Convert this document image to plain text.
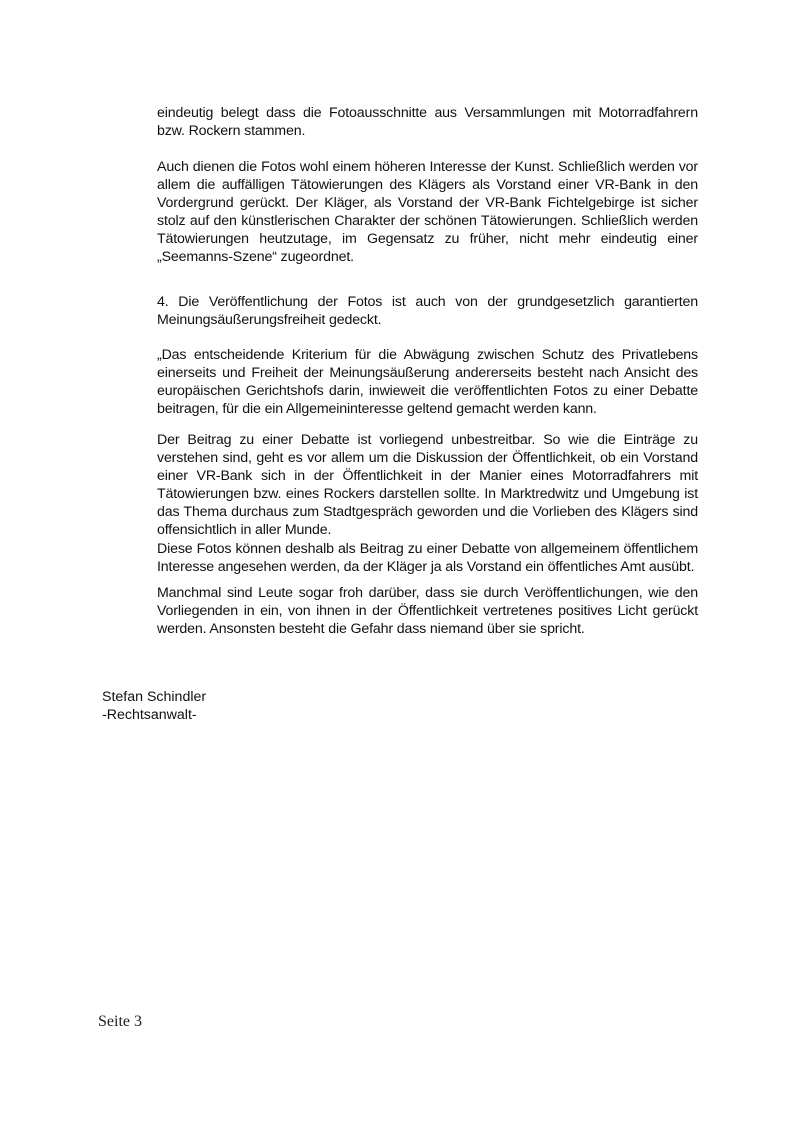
eindeutig belegt dass die Fotoausschnitte aus Versammlungen mit Motorradfahrern bzw. Rockern stammen.

Auch dienen die Fotos wohl einem höheren Interesse der Kunst. Schließlich werden vor allem die auffälligen Tätowierungen des Klägers als Vorstand einer VR-Bank in den Vordergrund gerückt. Der Kläger, als Vorstand der VR-Bank Fichtelgebirge ist sicher stolz auf den künstlerischen Charakter der schönen Tätowierungen. Schließlich werden Tätowierungen heutzutage, im Gegensatz zu früher, nicht mehr eindeutig einer „Seemanns-Szene“ zugeordnet.

4. Die Veröffentlichung der Fotos ist auch von der grundgesetzlich garantierten Meinungsäußerungsfreiheit gedeckt.

„Das entscheidende Kriterium für die Abwägung zwischen Schutz des Privatlebens einerseits und Freiheit der Meinungsäußerung andererseits besteht nach Ansicht des europäischen Gerichtshofs darin, inwieweit die veröffentlichten Fotos zu einer Debatte beitragen, für die ein Allgemeininteresse geltend gemacht werden kann.

Der Beitrag zu einer Debatte ist vorliegend unbestreitbar. So wie die Einträge zu verstehen sind, geht es vor allem um die Diskussion der Öffentlichkeit, ob ein Vorstand einer VR-Bank sich in der Öffentlichkeit in der Manier eines Motorradfahrers mit Tätowierungen bzw. eines Rockers darstellen sollte. In Marktredwitz und Umgebung ist das Thema durchaus zum Stadtgespräch geworden und die Vorlieben des Klägers sind offensichtlich in aller Munde.

Diese Fotos können deshalb als Beitrag zu einer Debatte von allgemeinem öffentlichem Interesse angesehen werden, da der Kläger ja als Vorstand ein öffentliches Amt ausübt.

Manchmal sind Leute sogar froh darüber, dass sie durch Veröffentlichungen, wie den Vorliegenden in ein, von ihnen in der Öffentlichkeit vertretenes positives Licht gerückt werden. Ansonsten besteht die Gefahr dass niemand über sie spricht.

Stefan Schindler
-Rechtsanwalt-
Seite 3
